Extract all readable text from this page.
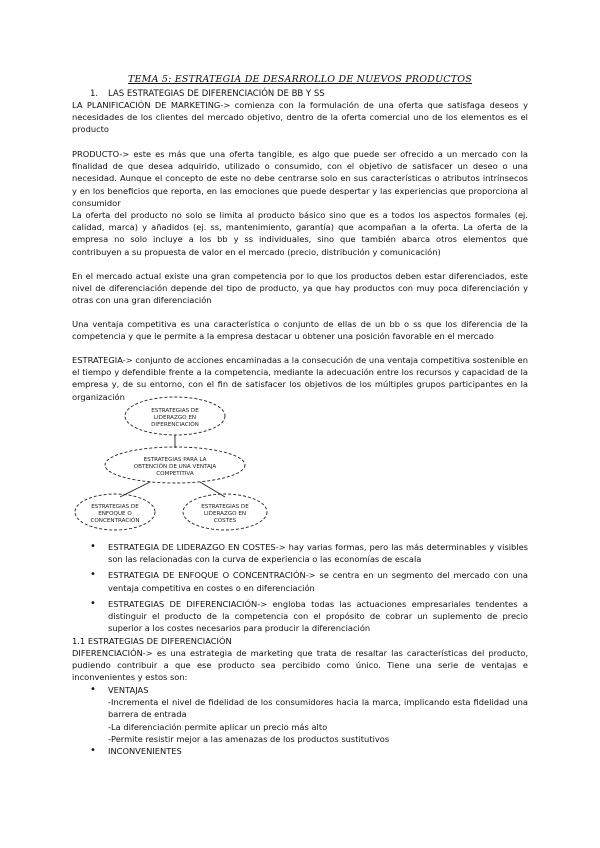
TEMA 5: ESTRATEGIA DE DESARROLLO DE NUEVOS PRODUCTOS
1. LAS ESTRATEGIAS DE DIFERENCIACIÓN DE BB Y SS
LA PLANIFICACIÓN DE MARKETING-> comienza con la formulación de una oferta que satisfaga deseos y necesidades de los clientes del mercado objetivo, dentro de la oferta comercial uno de los elementos es el producto
PRODUCTO-> este es más que una oferta tangible, es algo que puede ser ofrecido a un mercado con la finalidad de que desea adquirido, utilizado o consumido, con el objetivo de satisfacer un deseo o una necesidad. Aunque el concepto de este no debe centrarse solo en sus características o atributos intrínsecos y en los beneficios que reporta, en las emociones que puede despertar y las experiencias que proporciona al consumidor
La oferta del producto no solo se limita al producto básico sino que es a todos los aspectos formales (ej. calidad, marca) y añadidos (ej. ss, mantenimiento, garantía) que acompañan a la oferta. La oferta de la empresa no solo incluye a los bb y ss individuales, sino que también abarca otros elementos que contribuyen a su propuesta de valor en el mercado (precio, distribución y comunicación)
En el mercado actual existe una gran competencia por lo que los productos deben estar diferenciados, este nivel de diferenciación depende del tipo de producto, ya que hay productos con muy poca diferenciación y otras con una gran diferenciación
Una ventaja competitiva es una característica o conjunto de ellas de un bb o ss que los diferencia de la competencia y que le permite a la empresa destacar u obtener una posición favorable en el mercado
ESTRATEGIA-> conjunto de acciones encaminadas a la consecución de una ventaja competitiva sostenible en el tiempo y defendible frente a la competencia, mediante la adecuación entre los recursos y capacidad de la empresa y, de su entorno, con el fin de satisfacer los objetivos de los múltiples grupos participantes en la organización
ESTRATEGIAS DE
LIDERAZGO EN
DIFERENCIACIÓN
ESTRATEGIAS PARA LA
OBTENCIÓN DE UNA VENTAJA
COMPETITIVA
ESTRATEGIAS DE
ENFOQUE O
CONCENTRACIÓN
ESTRATEGIAS DE
LIDERAZGO EN
COSTES
• ESTRATEGIA DE LIDERAZGO EN COSTES-> hay varias formas, pero las más determinables y visibles son las relacionadas con la curva de experiencia o las economías de escala
• ESTRATEGIA DE ENFOQUE O CONCENTRACIÓN-> se centra en un segmento del mercado con una ventaja competitiva en costes o en diferenciación
• ESTRATEGIAS DE DIFERENCIACIÓN-> engloba todas las actuaciones empresariales tendentes a distinguir el producto de la competencia con el propósito de cobrar un suplemento de precio superior a los costes necesarios para producir la diferenciación
1.1 ESTRATEGIAS DE DIFERENCIACIÓN
DIFERENCIACIÓN-> es una estrategia de marketing que trata de resaltar las características del producto, pudiendo contribuir a que ese producto sea percibido como único. Tiene una serie de ventajas e inconvenientes y estos son:
• VENTAJAS
-Incrementa el nivel de fidelidad de los consumidores hacia la marca, implicando esta fidelidad una barrera de entrada
-La diferenciación permite aplicar un precio más alto
-Permite resistir mejor a las amenazas de los productos sustitutivos
• INCONVENIENTES
